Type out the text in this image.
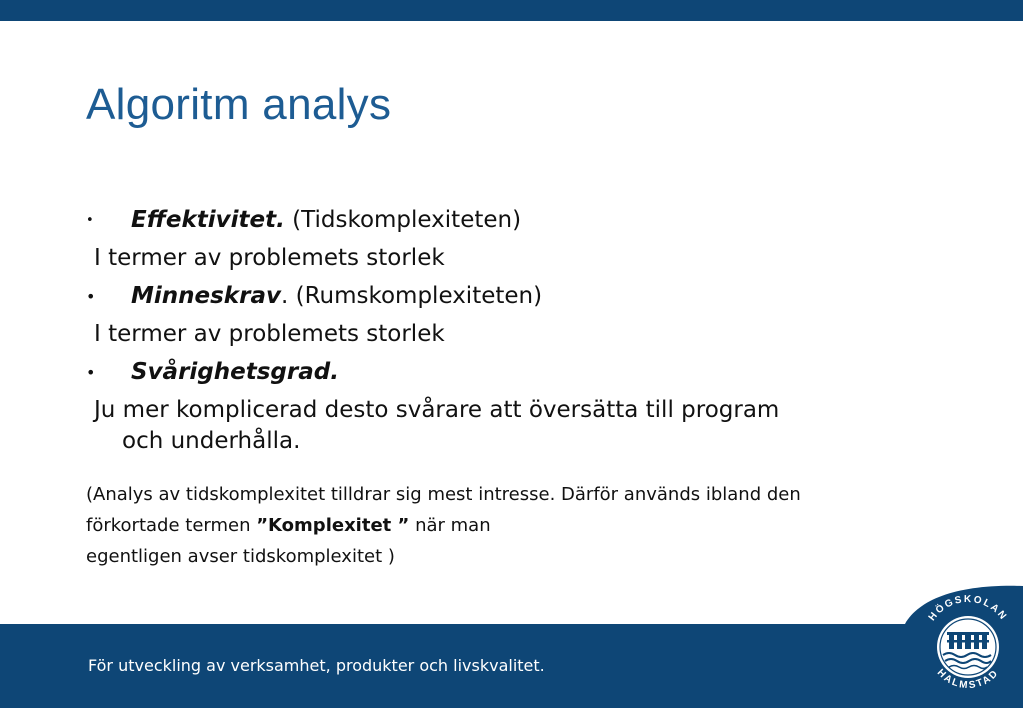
Algoritm analys
• Effektivitet. (Tidskomplexiteten)
I termer av problemets storlek
• Minneskrav. (Rumskomplexiteten)
I termer av problemets storlek
• Svårighetsgrad.
Ju mer komplicerad desto svårare att översätta till program
och underhålla.
(Analys av tidskomplexitet tilldrar sig mest intresse. Därför används ibland den
förkortade termen ”Komplexitet ” när man
egentligen avser tidskomplexitet )
För utveckling av verksamhet, produkter och livskvalitet.
HÖGSKOLAN
HALMSTAD
